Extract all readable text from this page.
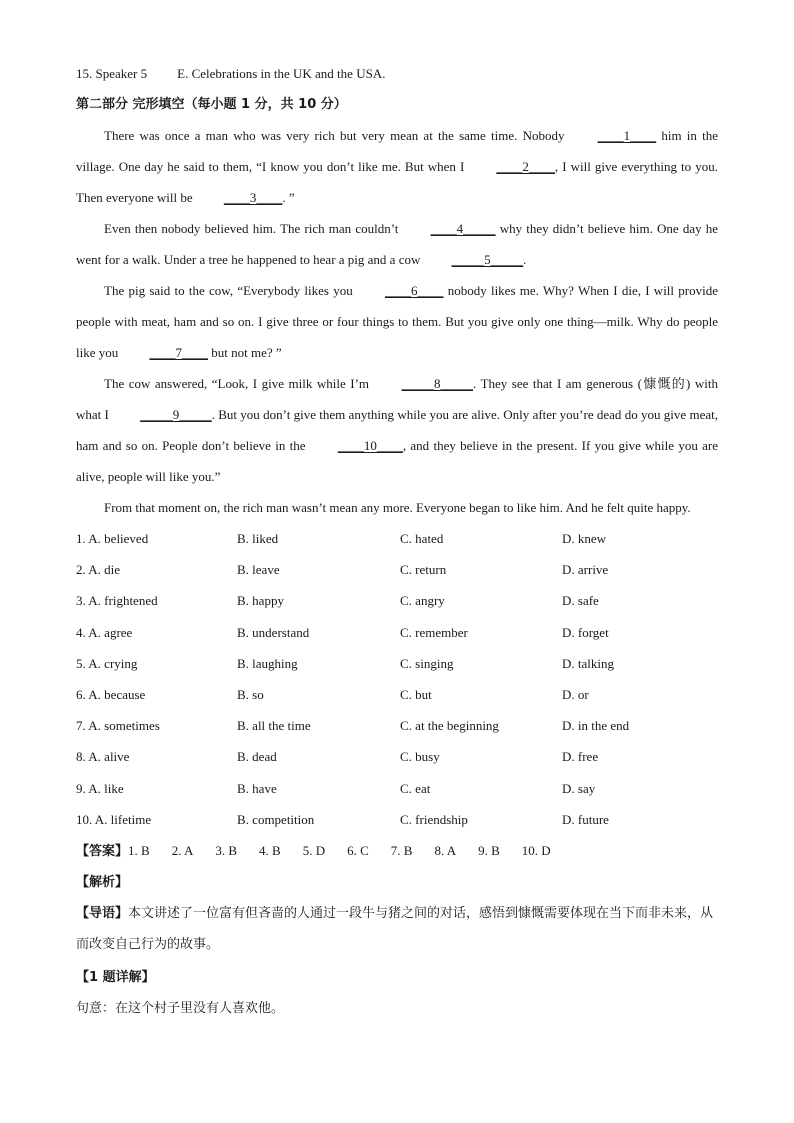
15. Speaker 5 E. Celebrations in the UK and the USA.
第二部分 完形填空（每小题 1 分，共 10 分）

There was once a man who was very rich but very mean at the same time. Nobody ____1____ him in the village. One day he said to them, “I know you don’t like me. But when I ____2____, I will give everything to you. Then everyone will be ____3____. ”

Even then nobody believed him. The rich man couldn’t ____4_____ why they didn’t believe him. One day he went for a walk. Under a tree he happened to hear a pig and a cow _____5_____.

The pig said to the cow, “Everybody likes you ____6____ nobody likes me. Why? When I die, I will provide people with meat, ham and so on. I give three or four things to them. But you give only one thing—milk. Why do people like you ____7____ but not me? ”

The cow answered, “Look, I give milk while I’m _____8_____. They see that I am generous (慷慨的) with what I _____9_____. But you don’t give them anything while you are alive. Only after you’re dead do you give meat, ham and so on. People don’t believe in the ____10____, and they believe in the present. If you give while you are alive, people will like you.”

From that moment on, the rich man wasn’t mean any more. Everyone began to like him. And he felt quite happy.

1. A. believed	B. liked	C. hated	D. knew
2. A. die	B. leave	C. return	D. arrive
3. A. frightened	B. happy	C. angry	D. safe
4. A. agree	B. understand	C. remember	D. forget
5. A. crying	B. laughing	C. singing	D. talking
6. A. because	B. so	C. but	D. or
7. A. sometimes	B. all the time	C. at the beginning	D. in the end
8. A. alive	B. dead	C. busy	D. free
9. A. like	B. have	C. eat	D. say
10. A. lifetime	B. competition	C. friendship	D. future
【答案】1. B 2. A 3. B 4. B 5. D 6. C 7. B 8. A 9. B 10. D
【解析】
【导语】本文讲述了一位富有但吝啬的人通过一段牛与猪之间的对话，感悟到慷慨需要体现在当下而非未来，从而改变自己行为的故事。
【1 题详解】
句意：在这个村子里没有人喜欢他。
